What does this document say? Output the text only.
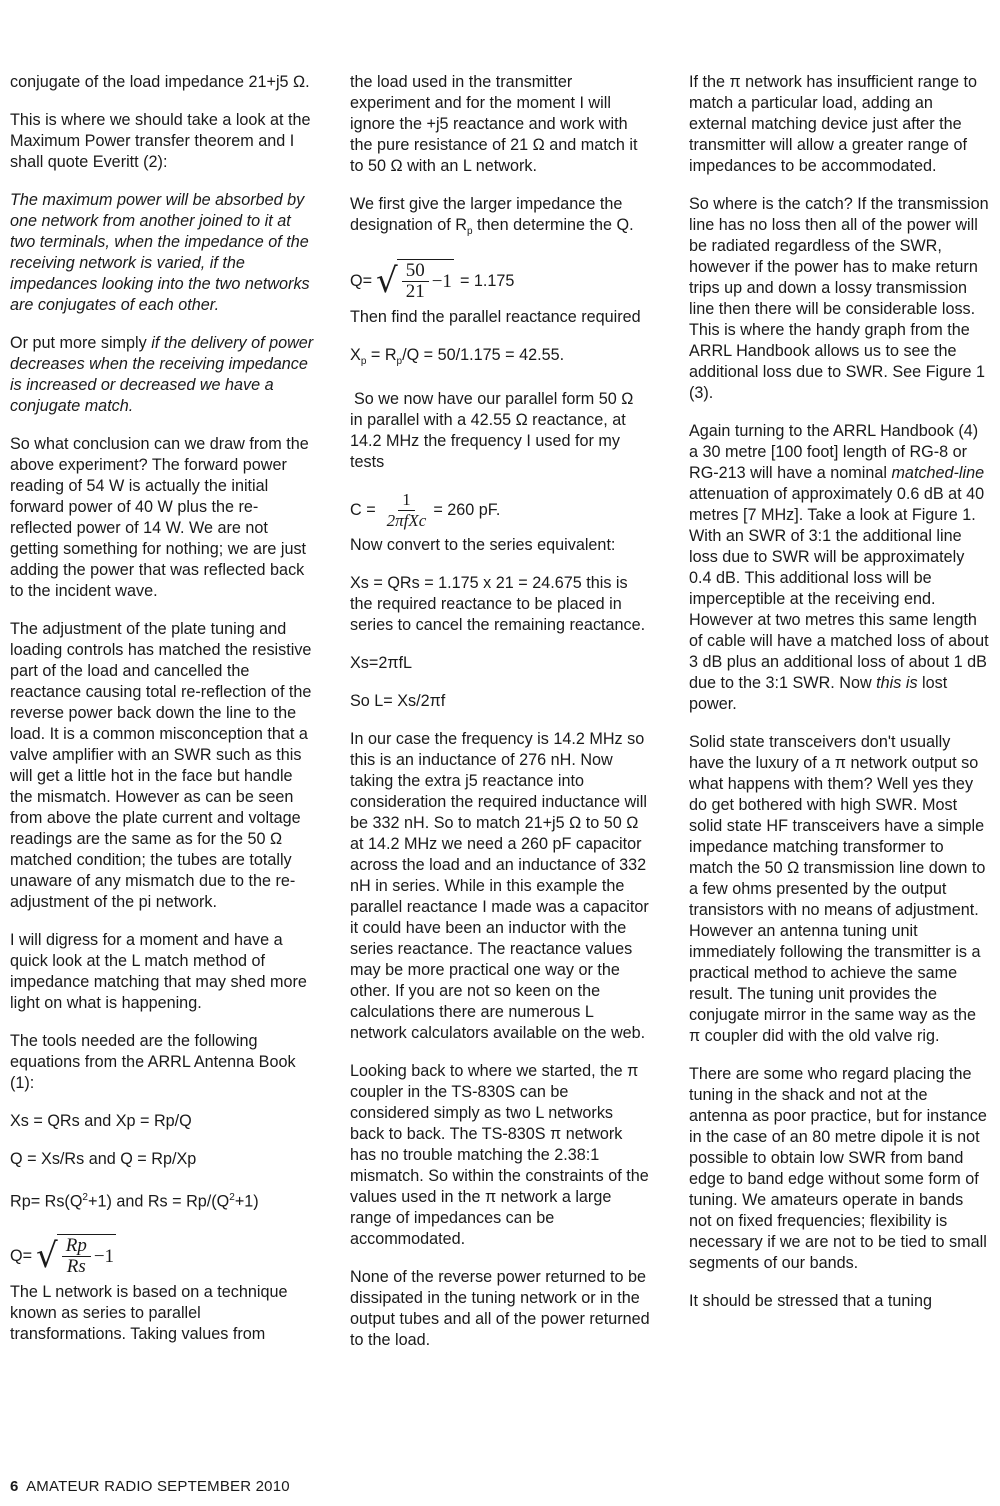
conjugate of the load impedance 21+j5 Ω.

This is where we should take a look at the Maximum Power transfer theorem and I shall quote Everitt (2):

The maximum power will be absorbed by one network from another joined to it at two terminals, when the impedance of the receiving network is varied, if the impedances looking into the two networks are conjugates of each other.

Or put more simply if the delivery of power decreases when the receiving impedance is increased or decreased we have a conjugate match.

So what conclusion can we draw from the above experiment? The forward power reading of 54 W is actually the initial forward power of 40 W plus the re-reflected power of 14 W. We are not getting something for nothing; we are just adding the power that was reflected back to the incident wave.

The adjustment of the plate tuning and loading controls has matched the resistive part of the load and cancelled the reactance causing total re-reflection of the reverse power back down the line to the load. It is a common misconception that a valve amplifier with an SWR such as this will get a little hot in the face but handle the mismatch. However as can be seen from above the plate current and voltage readings are the same as for the 50 Ω matched condition; the tubes are totally unaware of any mismatch due to the re-adjustment of the pi network.

I will digress for a moment and have a quick look at the L match method of impedance matching that may shed more light on what is happening.

The tools needed are the following equations from the ARRL Antenna Book (1):

Xs = QRs and Xp = Rp/Q

Q = Xs/Rs and Q = Rp/Xp

$Rp= Rs(Q^2+1)$ and $Rs = Rp/(Q^2+1)$

Q= √ $\frac{Rp}{Rs} -1$

The L network is based on a technique known as series to parallel transformations. Taking values from

the load used in the transmitter experiment and for the moment I will ignore the +j5 reactance and work with the pure resistance of 21 Ω and match it to 50 Ω with an L network.

We first give the larger impedance the designation of $R_p$ then determine the Q.

Q= √ $\frac{50}{21} -1 = 1.175$

Then find the parallel reactance required

$X_p = R_p/Q = 50/1.175 = 42.55$.

So we now have our parallel form 50 Ω in parallel with a 42.55 Ω reactance, at 14.2 MHz the frequency I used for my tests

$C = \frac{1}{\text{2πfXc}} = 260$ pF.

Now convert to the series equivalent:

Xs = QRs = 1.175 x 21 = 24.675 this is the required reactance to be placed in series to cancel the remaining reactance.

Xs=2πfL

So L= Xs/2πf

In our case the frequency is 14.2 MHz so this is an inductance of 276 nH. Now taking the extra j5 reactance into consideration the required inductance will be 332 nH. So to match 21+j5 Ω to 50 Ω at 14.2 MHz we need a 260 pF capacitor across the load and an inductance of 332 nH in series. While in this example the parallel reactance I made was a capacitor it could have been an inductor with the series reactance. The reactance values may be more practical one way or the other. If you are not so keen on the calculations there are numerous L network calculators available on the web.

Looking back to where we started, the π coupler in the TS-830S can be considered simply as two L networks back to back. The TS-830S π network has no trouble matching the 2.38:1 mismatch. So within the constraints of the values used in the π network a large range of impedances can be accommodated.

None of the reverse power returned to be dissipated in the tuning network or in the output tubes and all of the power returned to the load.

If the π network has insufficient range to match a particular load, adding an external matching device just after the transmitter will allow a greater range of impedances to be accommodated.

So where is the catch? If the transmission line has no loss then all of the power will be radiated regardless of the SWR, however if the power has to make return trips up and down a lossy transmission line then there will be considerable loss. This is where the handy graph from the ARRL Handbook allows us to see the additional loss due to SWR. See Figure 1 (3).

Again turning to the ARRL Handbook (4) a 30 metre [100 foot] length of RG-8 or RG-213 will have a nominal matched-line attenuation of approximately 0.6 dB at 40 metres [7 MHz]. Take a look at Figure 1. With an SWR of 3:1 the additional line loss due to SWR will be approximately 0.4 dB. This additional loss will be imperceptible at the receiving end. However at two metres this same length of cable will have a matched loss of about 3 dB plus an additional loss of about 1 dB due to the 3:1 SWR. Now this is lost power.

Solid state transceivers don't usually have the luxury of a π network output so what happens with them? Well yes they do get bothered with high SWR. Most solid state HF transceivers have a simple impedance matching transformer to match the 50 Ω transmission line down to a few ohms presented by the output transistors with no means of adjustment. However an antenna tuning unit immediately following the transmitter is a practical method to achieve the same result. The tuning unit provides the conjugate mirror in the same way as the π coupler did with the old valve rig.

There are some who regard placing the tuning in the shack and not at the antenna as poor practice, but for instance in the case of an 80 metre dipole it is not possible to obtain low SWR from band edge to band edge without some form of tuning. We amateurs operate in bands not on fixed frequencies; flexibility is necessary if we are not to be tied to small segments of our bands.

It should be stressed that a tuning

6 AMATEUR RADIO SEPTEMBER 2010
